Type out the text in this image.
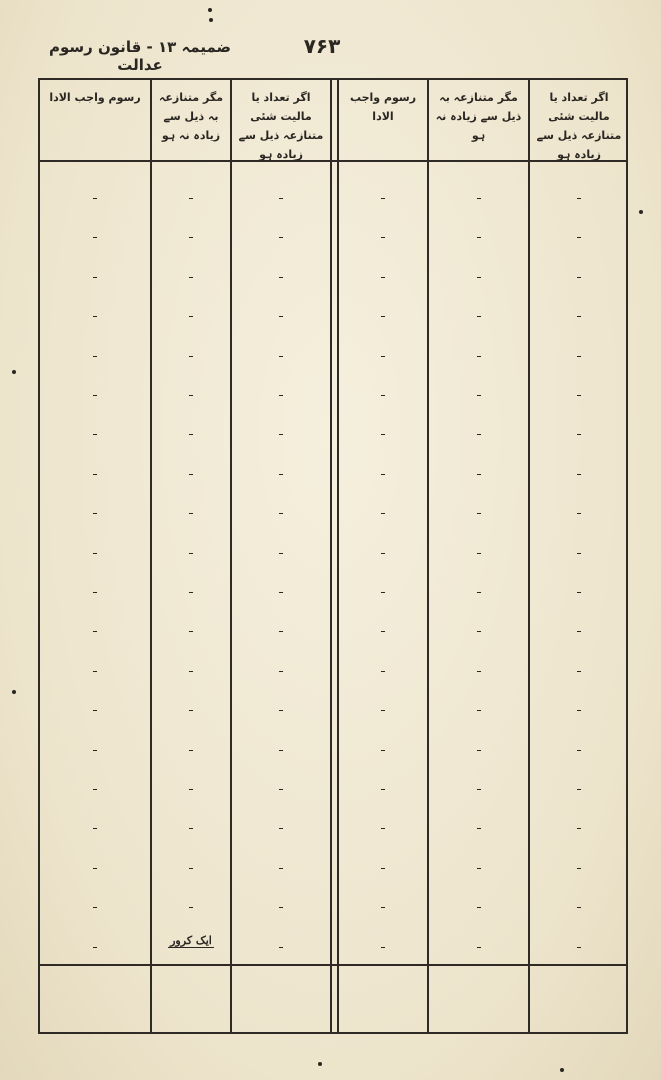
ضمیمہ ۱۳ - قانون رسوم عدالت
۷۶۳
رسوم واجب الادا	مگر متنازعہ بہ ذیل سے زیادہ نہ ہو
اگر تعداد یا مالیت شئی متنازعہ ذیل سے زیادہ ہو
رسوم واجب الادا
مگر متنازعہ بہ ذیل سے زیادہ نہ ہو
اگر تعداد یا مالیت شئی متنازعہ ذیل سے زیادہ ہو
ایک کرور
